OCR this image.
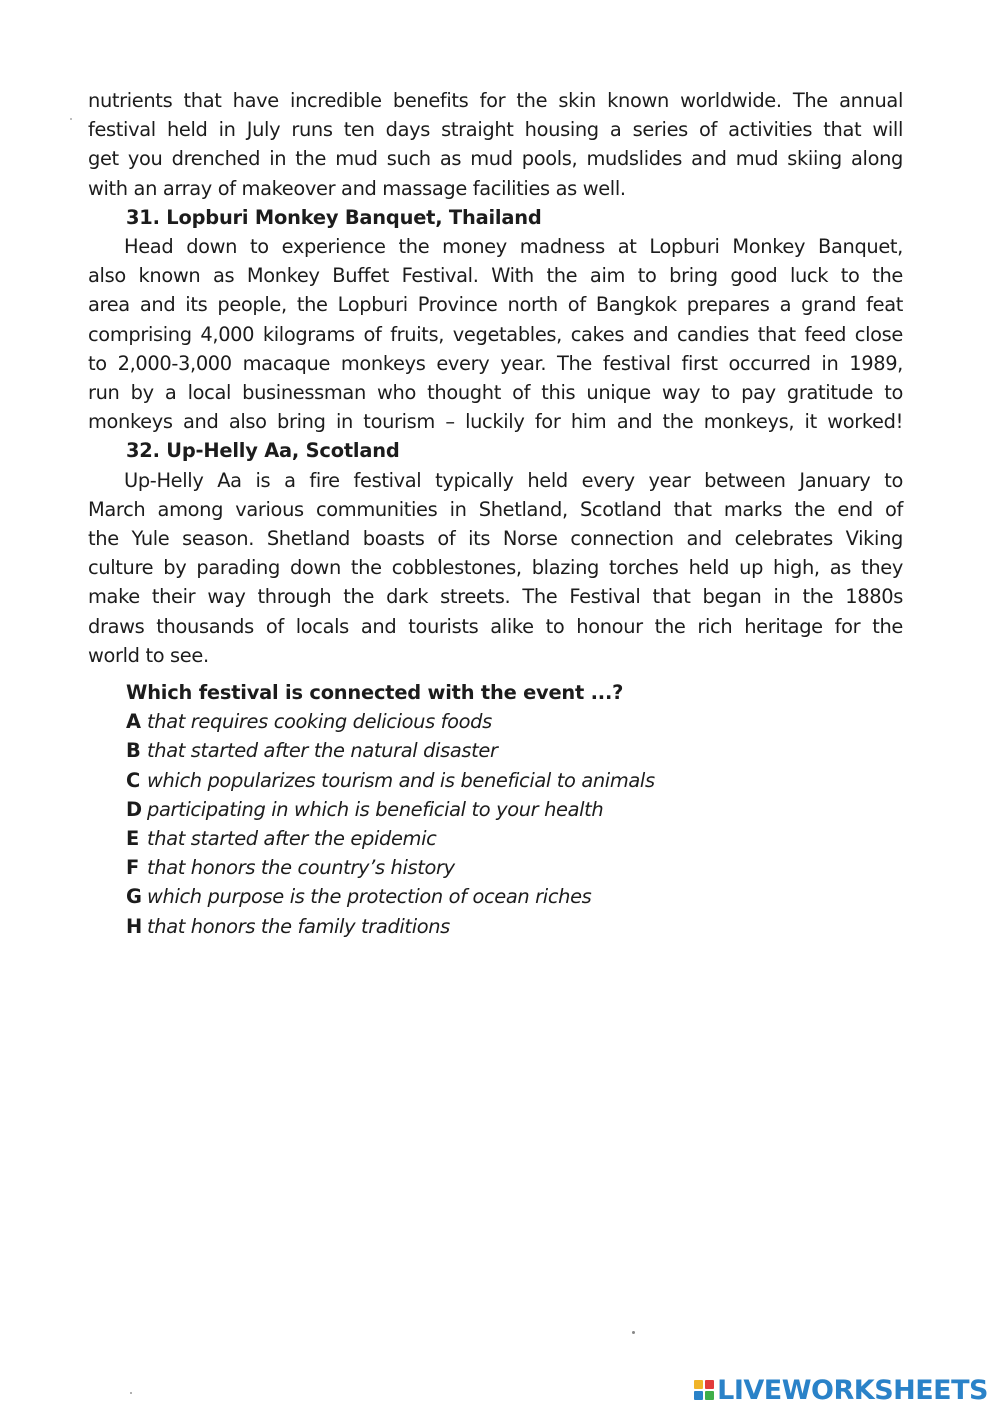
nutrients that have incredible benefits for the skin known worldwide. The annual
festival held in July runs ten days straight housing a series of activities that will
get you drenched in the mud such as mud pools, mudslides and mud skiing along
with an array of makeover and massage facilities as well.
31. Lopburi Monkey Banquet, Thailand
Head down to experience the money madness at Lopburi Monkey Banquet,
also known as Monkey Buffet Festival. With the aim to bring good luck to the
area and its people, the Lopburi Province north of Bangkok prepares a grand feat
comprising 4,000 kilograms of fruits, vegetables, cakes and candies that feed close
to 2,000-3,000 macaque monkeys every year. The festival first occurred in 1989,
run by a local businessman who thought of this unique way to pay gratitude to
monkeys and also bring in tourism – luckily for him and the monkeys, it worked!
32. Up-Helly Aa, Scotland
Up-Helly Aa is a fire festival typically held every year between January to
March among various communities in Shetland, Scotland that marks the end of
the Yule season. Shetland boasts of its Norse connection and celebrates Viking
culture by parading down the cobblestones, blazing torches held up high, as they
make their way through the dark streets. The Festival that began in the 1880s
draws thousands of locals and tourists alike to honour the rich heritage for the
world to see.
Which festival is connected with the event ...?
A that requires cooking delicious foods
B that started after the natural disaster
C which popularizes tourism and is beneficial to animals
D participating in which is beneficial to your health
E that started after the epidemic
F that honors the country’s history
G which purpose is the protection of ocean riches
H that honors the family traditions
LIVEWORKSHEETS
